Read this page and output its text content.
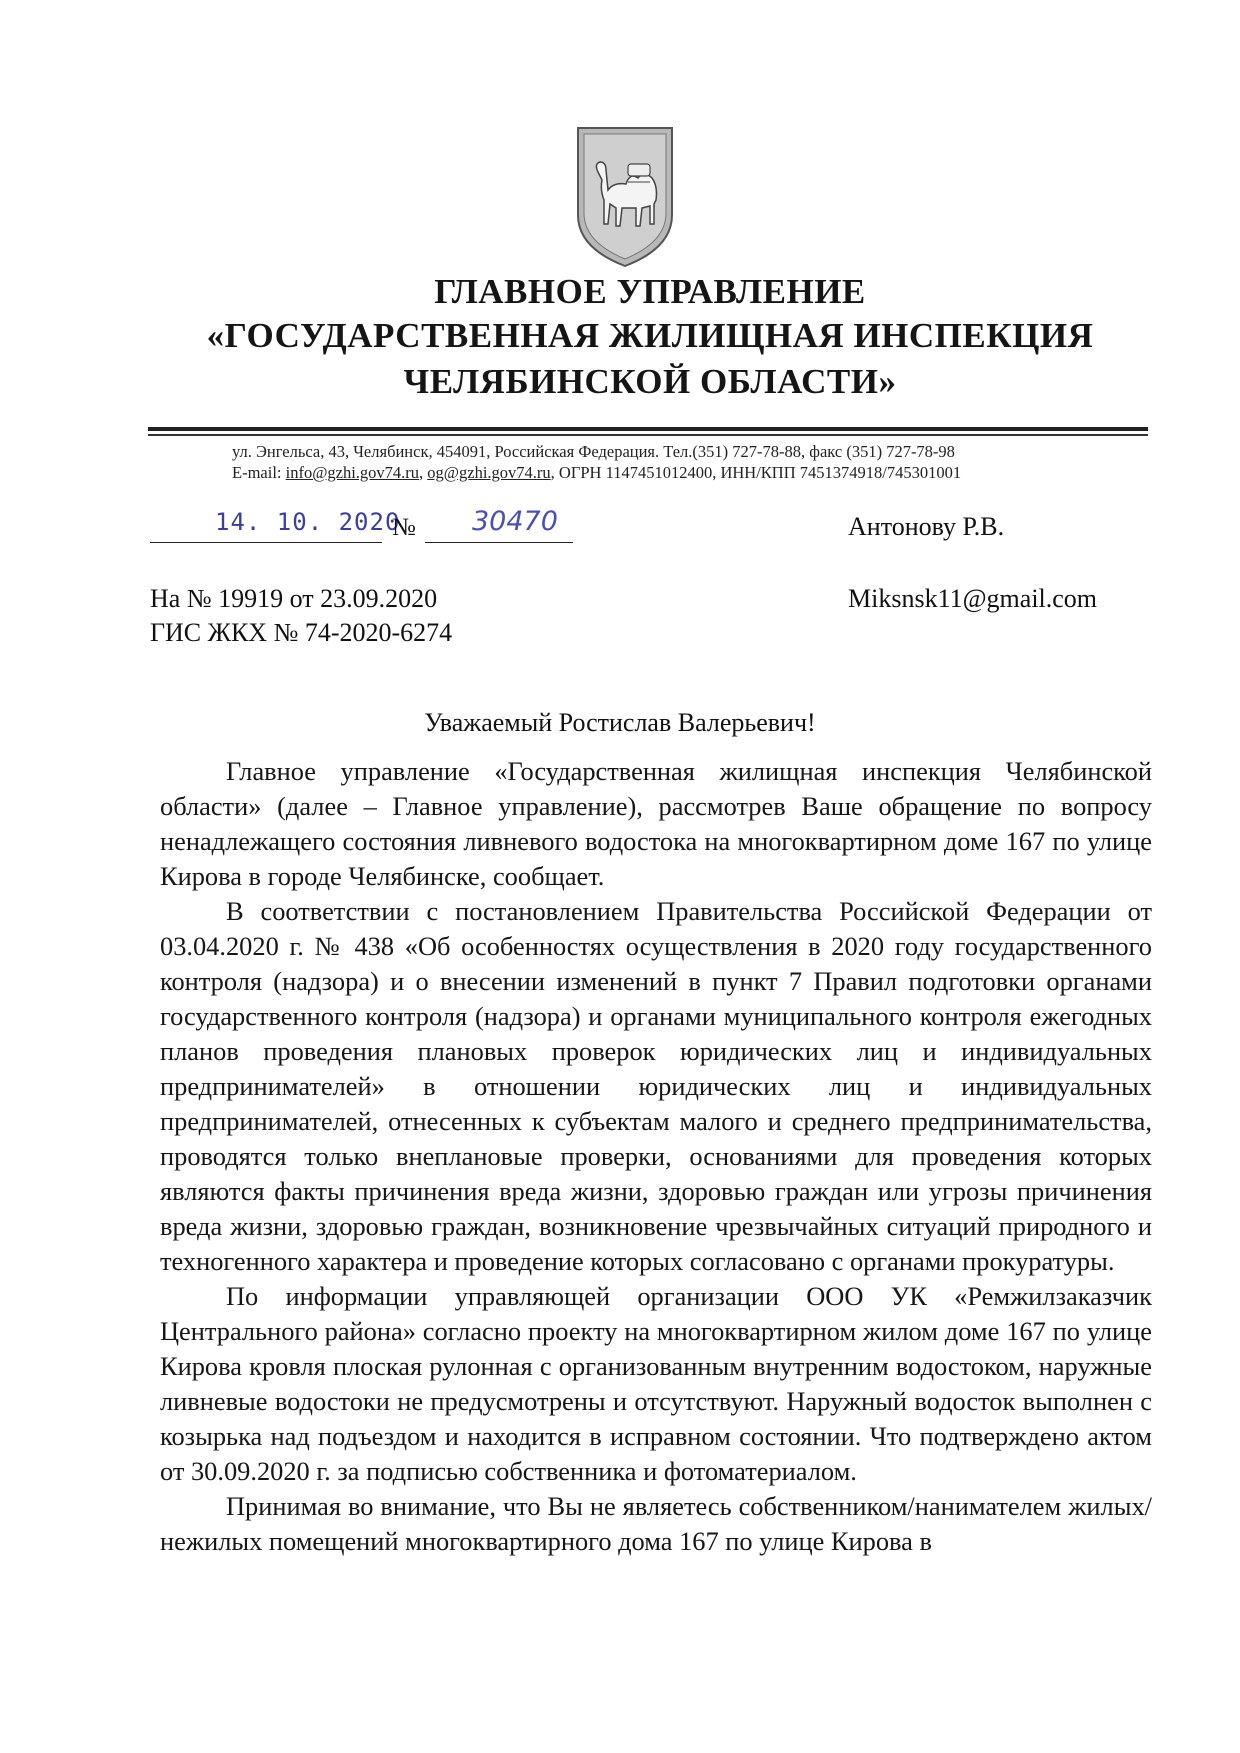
ГЛАВНОЕ УПРАВЛЕНИЕ
«ГОСУДАРСТВЕННАЯ ЖИЛИЩНАЯ ИНСПЕКЦИЯ
ЧЕЛЯБИНСКОЙ ОБЛАСТИ»
ул. Энгельса, 43, Челябинск, 454091, Российская Федерация. Тел.(351) 727-78-88, факс (351) 727-78-98
E-mail: info@gzhi.gov74.ru, og@gzhi.gov74.ru, ОГРН 1147451012400, ИНН/КПП 7451374918/745301001
14. 10. 2020
№ 30470	Антонову Р.В.
Miksnsk11@gmail.com
На № 19919 от 23.09.2020
ГИС ЖКХ № 74-2020-6274
Уважаемый Ростислав Валерьевич!

Главное управление «Государственная жилищная инспекция Челябинской области» (далее – Главное управление), рассмотрев Ваше обращение по вопросу ненадлежащего состояния ливневого водостока на многоквартирном доме 167 по улице Кирова в городе Челябинске, сообщает.

В соответствии с постановлением Правительства Российской Федерации от 03.04.2020 г. № 438 «Об особенностях осуществления в 2020 году государственного контроля (надзора) и о внесении изменений в пункт 7 Правил подготовки органами государственного контроля (надзора) и органами муниципального контроля ежегодных планов проведения плановых проверок юридических лиц и индивидуальных предпринимателей» в отношении юридических лиц и индивидуальных предпринимателей, отнесенных к субъектам малого и среднего предпринимательства, проводятся только внеплановые проверки, основаниями для проведения которых являются факты причинения вреда жизни, здоровью граждан или угрозы причинения вреда жизни, здоровью граждан, возникновение чрезвычайных ситуаций природного и техногенного характера и проведение которых согласовано с органами прокуратуры.

По информации управляющей организации ООО УК «Ремжилзаказчик Центрального района» согласно проекту на многоквартирном жилом доме 167 по улице Кирова кровля плоская рулонная с организованным внутренним водостоком, наружные ливневые водостоки не предусмотрены и отсутствуют. Наружный водосток выполнен с козырька над подъездом и находится в исправном состоянии. Что подтверждено актом от 30.09.2020 г. за подписью собственника и фотоматериалом.

Принимая во внимание, что Вы не являетесь собственником/нанимателем жилых/нежилых помещений многоквартирного дома 167 по улице Кирова в
